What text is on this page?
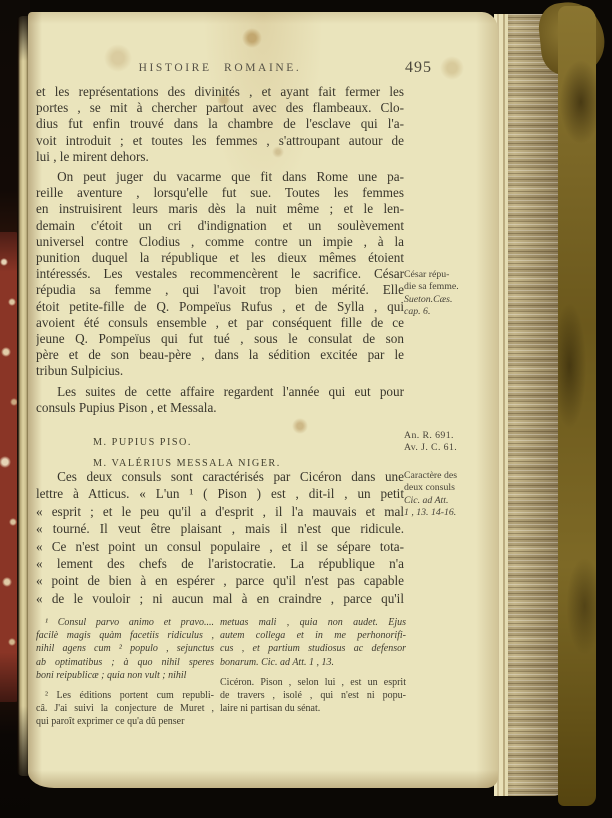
HISTOIRE ROMAINE.	495
et les représentations des divinités , et ayant fait fermer les
portes , se mit à chercher partout avec des flambeaux. Clo-
dius fut enfin trouvé dans la chambre de l'esclave qui l'a-
voit introduit ; et toutes les femmes , s'attroupant autour de
lui , le mirent dehors.
On peut juger du vacarme que fit dans Rome une pa-
reille aventure , lorsqu'elle fut sue. Toutes les femmes
en instruisirent leurs maris dès la nuit même ; et le len-
demain c'étoit un cri d'indignation et un soulèvement
universel contre Clodius , comme contre un impie , à la
punition duquel la république et les dieux mêmes étoient
intéressés. Les vestales recommencèrent le sacrifice. César
répudia sa femme , qui l'avoit trop bien mérité. Elle
étoit petite-fille de Q. Pompeïus Rufus , et de Sylla , qui
avoient été consuls ensemble , et par conséquent fille de ce
jeune Q. Pompeïus qui fut tué , sous le consulat de son
père et de son beau-père , dans la sédition excitée par le
tribun Sulpicius.
Les suites de cette affaire regardent l'année qui eut pour
consuls Pupius Pison , et Messala.
M. PUPIUS PISO.
M. VALÉRIUS MESSALA NIGER.
Ces deux consuls sont caractérisés par Cicéron dans une
lettre à Atticus. « L'un ¹ ( Pison ) est , dit-il , un petit
« esprit ; et le peu qu'il a d'esprit , il l'a mauvais et mal
« tourné. Il veut être plaisant , mais il n'est que ridicule.
« Ce n'est point un consul populaire , et il se sépare tota-
« lement des chefs de l'aristocratie. La république n'a
« point de bien à en espérer , parce qu'il n'est pas capable
« de le vouloir ; ni aucun mal à en craindre , parce qu'il
César répu-
die sa femme.
Sueton.Cæs.
cap. 6.
An. R. 691.
Av. J. C. 61.
Caractère des
deux consuls
Cic. ad Att.
1 , 13. 14-16.
¹ Consul parvo animo et pravo....
facilè magis quàm facetiis ridiculus ,
nihil agens cum ² populo , sejunctus
ab optimatibus ; à quo nihil speres
boni reipublicæ ; quia non vult ; nihil
² Les éditions portent cum republi-
câ. J'ai suivi la conjecture de Muret ,
qui paroît exprimer ce qu'a dû penser
metuas mali , quia non audet. Ejus
autem collega et in me perhonorifi-
cus , et partium studiosus ac defensor
bonarum. Cic. ad Att. 1 , 13.
Cicéron. Pison , selon lui , est un esprit
de travers , isolé , qui n'est ni popu-
laire ni partisan du sénat.
